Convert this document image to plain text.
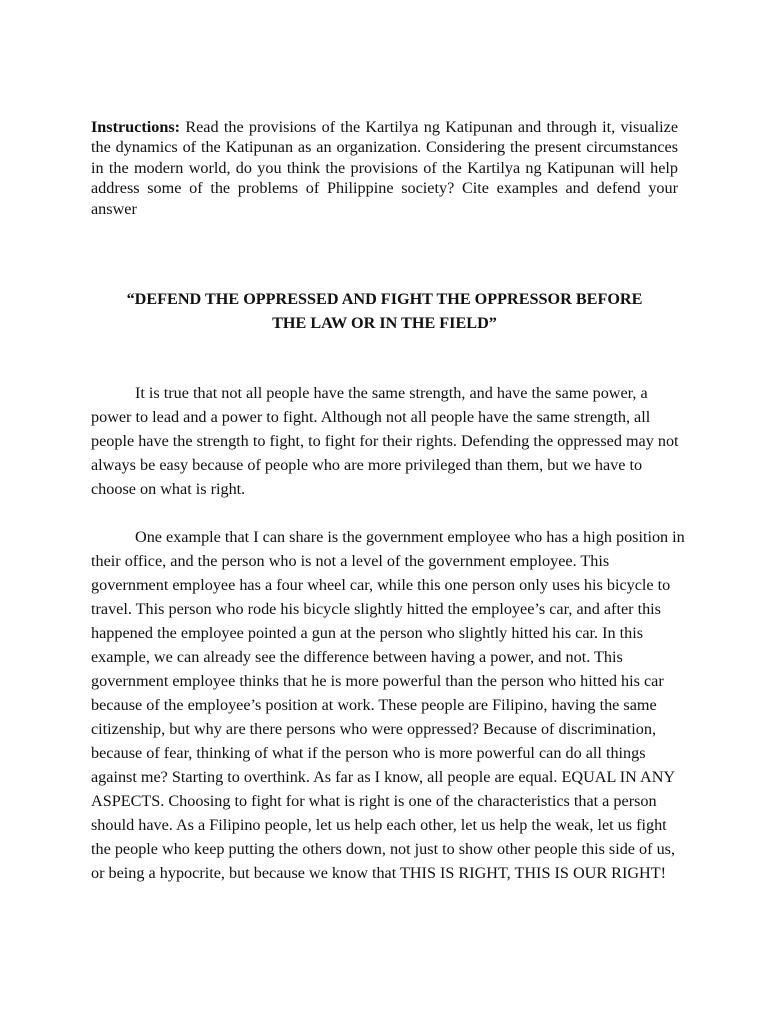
Instructions: Read the provisions of the Kartilya ng Katipunan and through it, visualize the dynamics of the Katipunan as an organization. Considering the present circumstances in the modern world, do you think the provisions of the Kartilya ng Katipunan will help address some of the problems of Philippine society? Cite examples and defend your answer

“DEFEND THE OPPRESSED AND FIGHT THE OPPRESSOR BEFORE
THE LAW OR IN THE FIELD”

It is true that not all people have the same strength, and have the same power, a power to lead and a power to fight. Although not all people have the same strength, all people have the strength to fight, to fight for their rights. Defending the oppressed may not always be easy because of people who are more privileged than them, but we have to choose on what is right.

One example that I can share is the government employee who has a high position in their office, and the person who is not a level of the government employee. This government employee has a four wheel car, while this one person only uses his bicycle to travel. This person who rode his bicycle slightly hitted the employee’s car, and after this happened the employee pointed a gun at the person who slightly hitted his car. In this example, we can already see the difference between having a power, and not. This government employee thinks that he is more powerful than the person who hitted his car because of the employee’s position at work. These people are Filipino, having the same citizenship, but why are there persons who were oppressed? Because of discrimination, because of fear, thinking of what if the person who is more powerful can do all things against me? Starting to overthink. As far as I know, all people are equal. EQUAL IN ANY ASPECTS. Choosing to fight for what is right is one of the characteristics that a person should have. As a Filipino people, let us help each other, let us help the weak, let us fight the people who keep putting the others down, not just to show other people this side of us, or being a hypocrite, but because we know that THIS IS RIGHT, THIS IS OUR RIGHT!
